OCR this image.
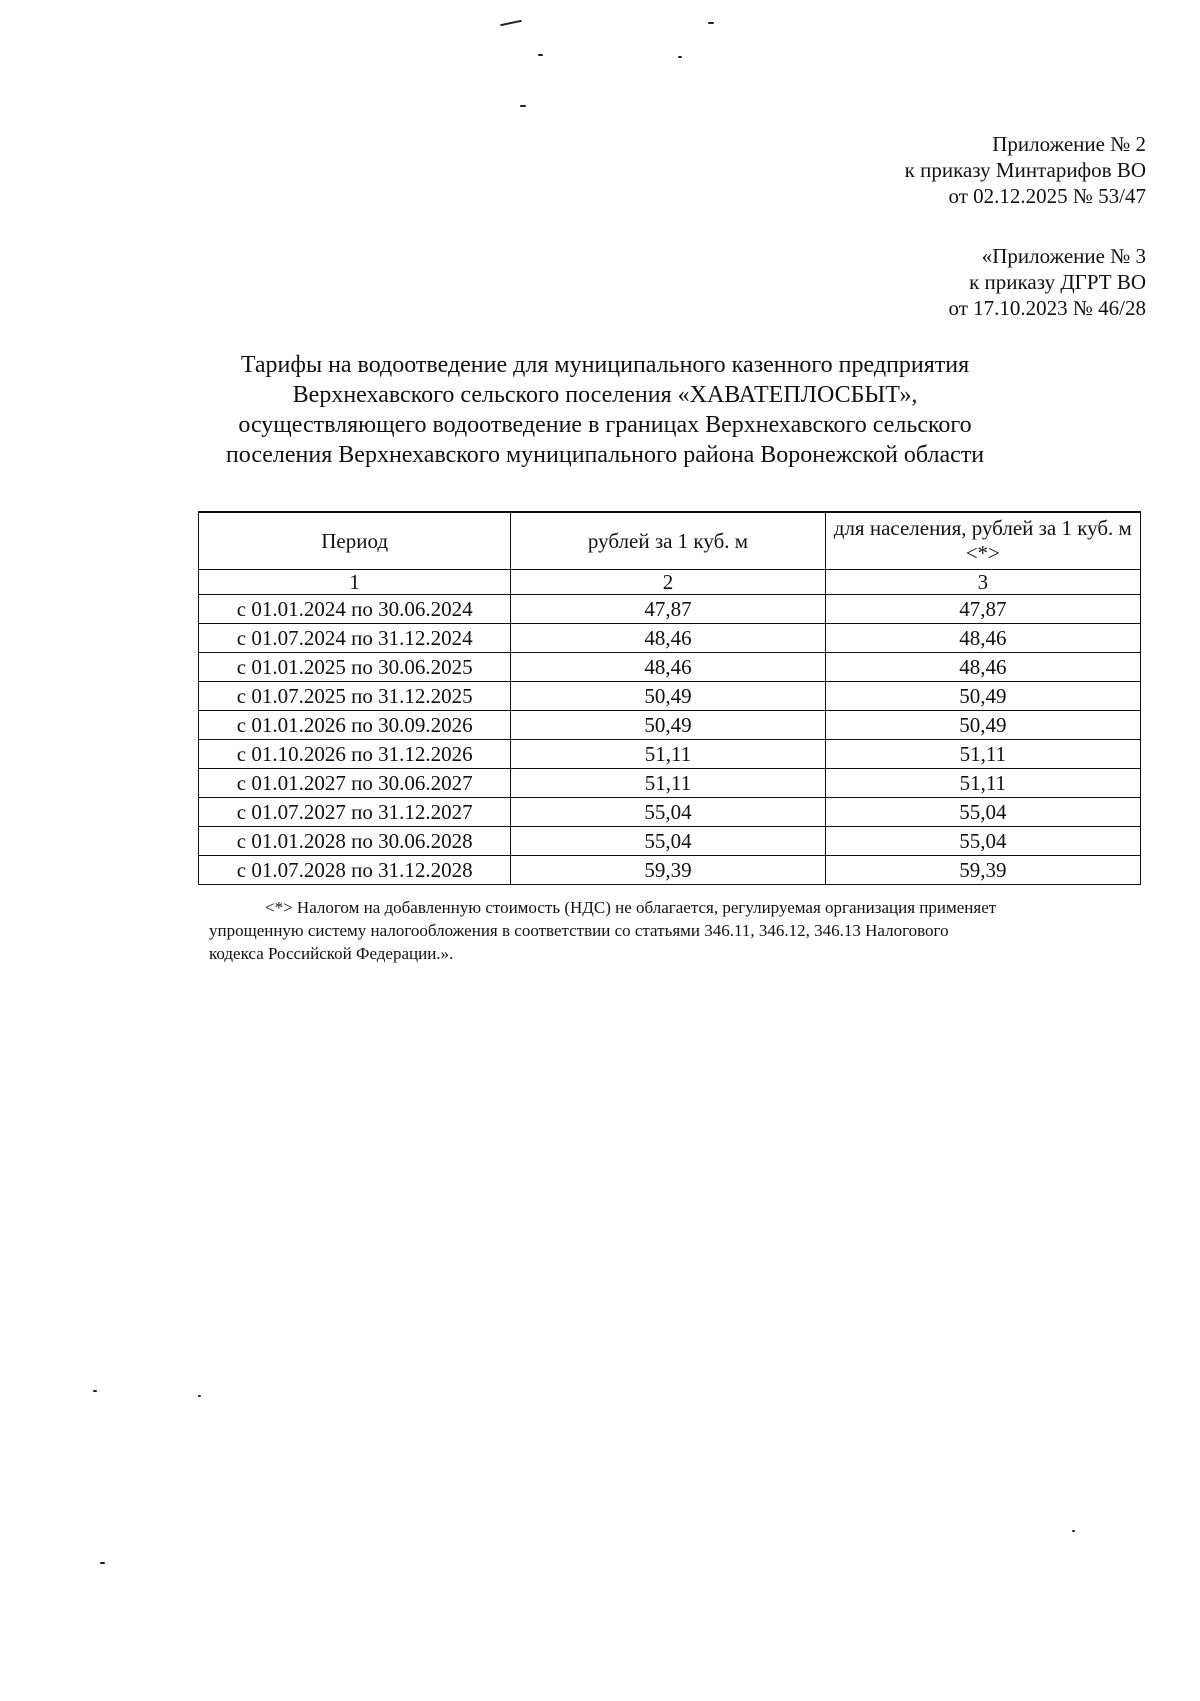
Приложение № 2
к приказу Минтарифов ВО
от 02.12.2025 № 53/47
«Приложение № 3
к приказу ДГРТ ВО
от 17.10.2023 № 46/28
Тарифы на водоотведение для муниципального казенного предприятия
Верхнехавского сельского поселения «ХАВАТЕПЛОСБЫТ»,
осуществляющего водоотведение в границах Верхнехавского сельского
поселения Верхнехавского муниципального района Воронежской области
Период	рублей за 1 куб. м	для населения, рублей за 1 куб. м <*>
1	2	3
с 01.01.2024 по 30.06.2024	47,87	47,87
с 01.07.2024 по 31.12.2024	48,46	48,46
с 01.01.2025 по 30.06.2025	48,46	48,46
с 01.07.2025 по 31.12.2025	50,49	50,49
с 01.01.2026 по 30.09.2026	50,49	50,49
с 01.10.2026 по 31.12.2026	51,11	51,11
с 01.01.2027 по 30.06.2027	51,11	51,11
с 01.07.2027 по 31.12.2027	55,04	55,04
с 01.01.2028 по 30.06.2028	55,04	55,04
с 01.07.2028 по 31.12.2028	59,39	59,39
<*> Налогом на добавленную стоимость (НДС) не облагается, регулируемая организация применяет
упрощенную систему налогообложения в соответствии со статьями 346.11, 346.12, 346.13 Налогового
кодекса Российской Федерации.».
